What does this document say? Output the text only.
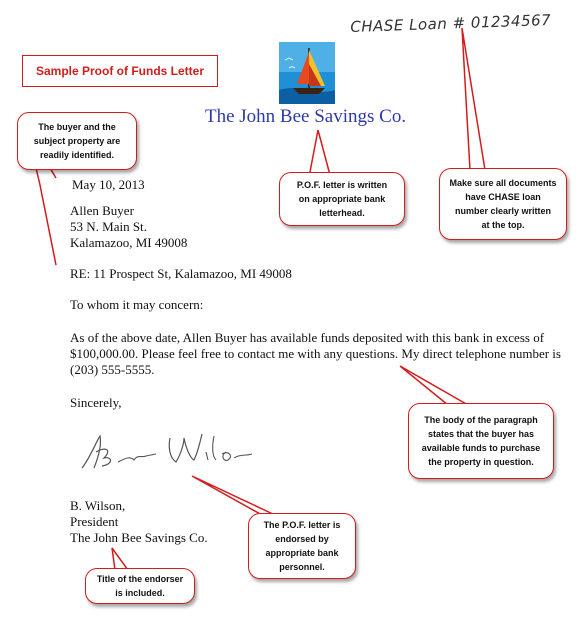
Sample Proof of Funds Letter
CHASE Loan # 01234567
The John Bee Savings Co.
May 10, 2013
Allen Buyer
53 N. Main St.
Kalamazoo, MI 49008
RE: 11 Prospect St, Kalamazoo, MI 49008
To whom it may concern:
As of the above date, Allen Buyer has available funds deposited with this bank in excess of
$100,000.00. Please feel free to contact me with any questions. My direct telephone number is
(203) 555-5555.
Sincerely,
B. Wilson,
President
The John Bee Savings Co.
The buyer and the
subject property are
readily identified.
P.O.F. letter is written
on appropriate bank
letterhead.
Make sure all documents
have CHASE loan
number clearly written
at the top.
The body of the paragraph
states that the buyer has
available funds to purchase
the property in question.
The P.O.F. letter is
endorsed by
appropriate bank
personnel.
Title of the endorser
is included.
